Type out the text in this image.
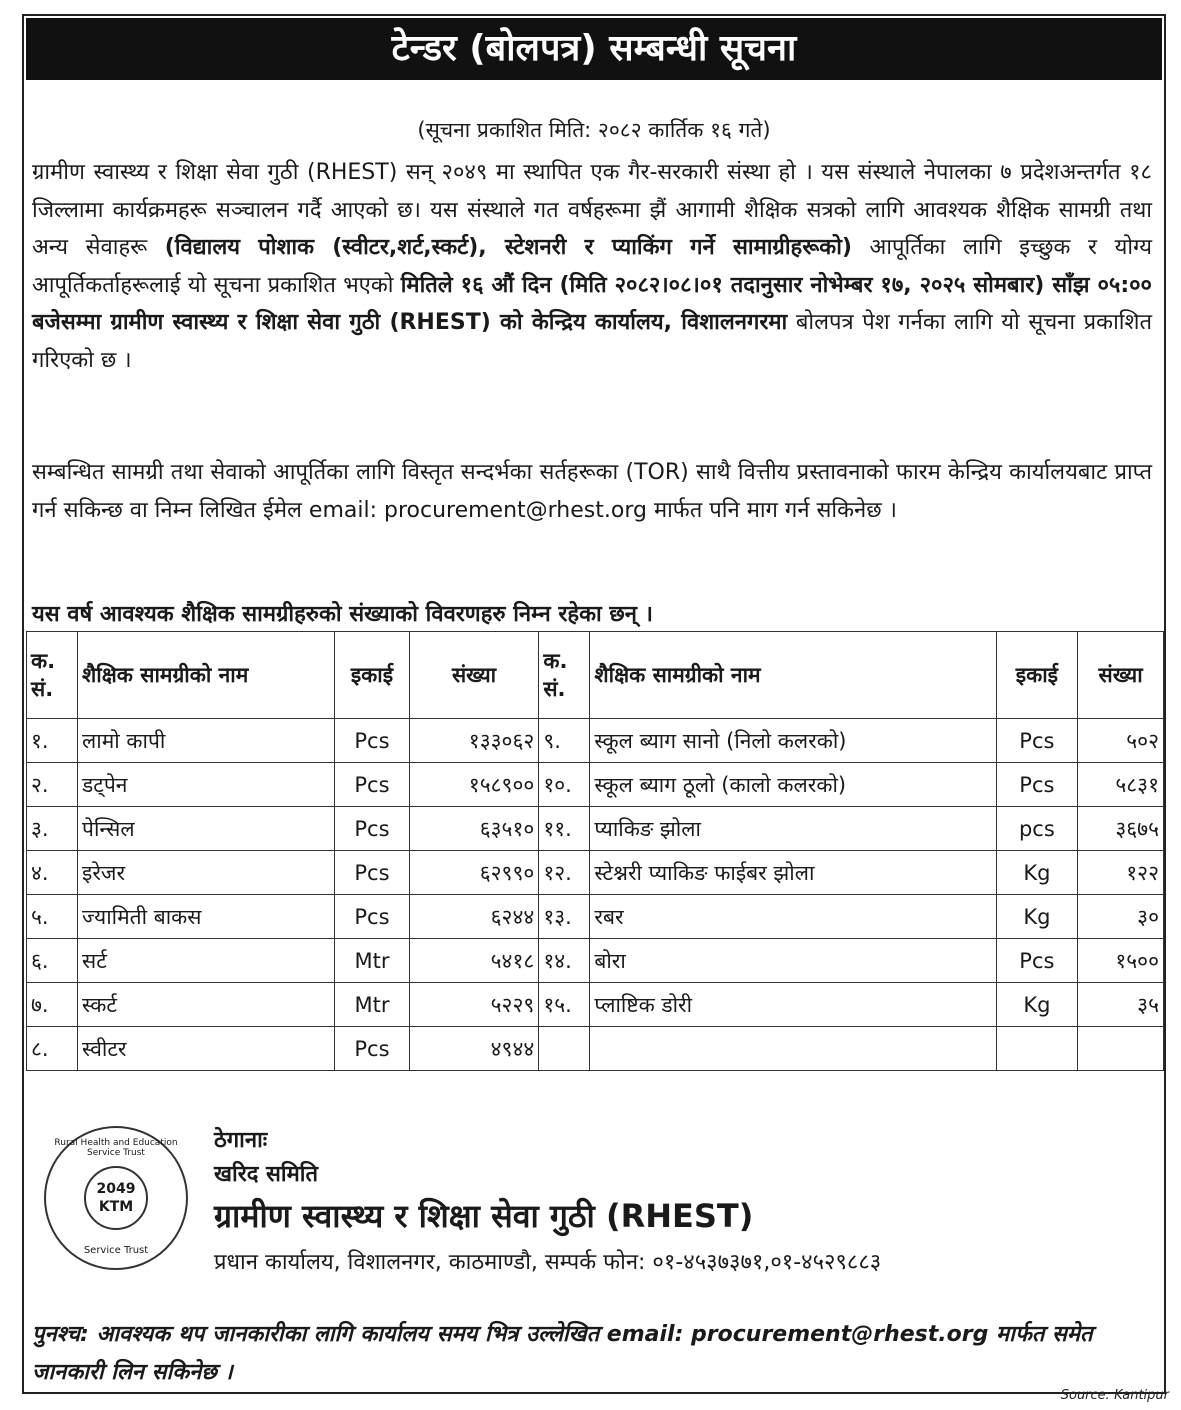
टेन्डर (बोलपत्र) सम्बन्धी सूचना
(सूचना प्रकाशित मिति: २०८२ कार्तिक १६ गते)
ग्रामीण स्वास्थ्य र शिक्षा सेवा गुठी (RHEST) सन् २०४९ मा स्थापित एक गैर-सरकारी संस्था हो । यस संस्थाले नेपालका ७ प्रदेशअन्तर्गत १८ जिल्लामा कार्यक्रमहरू सञ्चालन गर्दै आएको छ। यस संस्थाले गत वर्षहरूमा झैं आगामी शैक्षिक सत्रको लागि आवश्यक शैक्षिक सामग्री तथा अन्य सेवाहरू (विद्यालय पोशाक (स्वीटर,शर्ट,स्कर्ट), स्टेशनरी र प्याकिंग गर्ने सामाग्रीहरूको) आपूर्तिका लागि इच्छुक र योग्य आपूर्तिकर्ताहरूलाई यो सूचना प्रकाशित भएको मितिले १६ औं दिन (मिति २०८२।०८।०१ तदानुसार नोभेम्बर १७, २०२५ सोमबार) साँझ ०५:०० बजेसम्मा ग्रामीण स्वास्थ्य र शिक्षा सेवा गुठी (RHEST) को केन्द्रिय कार्यालय, विशालनगरमा बोलपत्र पेश गर्नका लागि यो सूचना प्रकाशित गरिएको छ ।
सम्बन्धित सामग्री तथा सेवाको आपूर्तिका लागि विस्तृत सन्दर्भका सर्तहरूका (TOR) साथै वित्तीय प्रस्तावनाको फारम केन्द्रिय कार्यालयबाट प्राप्त गर्न सकिन्छ वा निम्न लिखित ईमेल email: procurement@rhest.org मार्फत पनि माग गर्न सकिनेछ ।
यस वर्ष आवश्यक शैक्षिक सामग्रीहरुको संख्याको विवरणहरु निम्न रहेका छन् ।
क. सं.	शैक्षिक सामग्रीको नाम	इकाई	संख्या	क. सं.	शैक्षिक सामग्रीको नाम	इकाई	संख्या
१.	लामो कापी	Pcs	१३३०६२	९.	स्कूल ब्याग सानो (निलो कलरको)	Pcs	५०२
२.	डट्पेन	Pcs	१५८९००	१०.	स्कूल ब्याग ठूलो (कालो कलरको)	Pcs	५८३१
३.	पेन्सिल	Pcs	६३५१०	११.	प्याकिङ झोला	pcs	३६७५
४.	इरेजर	Pcs	६२९९०	१२.	स्टेश्नरी प्याकिङ फाईबर झोला	Kg	१२२
५.	ज्यामिती बाकस	Pcs	६२४४	१३.	रबर	Kg	३०
६.	सर्ट	Mtr	५४१८	१४.	बोरा	Pcs	१५००
७.	स्कर्ट	Mtr	५२२९	१५.	प्लाष्टिक डोरी	Kg	३५
८.	स्वीटर	Pcs	४९४४				
Rural Health and Education Service Trust
2049 KTM
Service Trust
ठेगानाः
खरिद समिति
ग्रामीण स्वास्थ्य र शिक्षा सेवा गुठी (RHEST)
प्रधान कार्यालय, विशालनगर, काठमाण्डौ, सम्पर्क फोन: ०१-४५३७३७१,०१-४५२९८८३
पुनश्च: आवश्यक थप जानकारीका लागि कार्यालय समय भित्र उल्लेखित email: procurement@rhest.org मार्फत समेत जानकारी लिन सकिनेछ ।
Source: Kantipur
